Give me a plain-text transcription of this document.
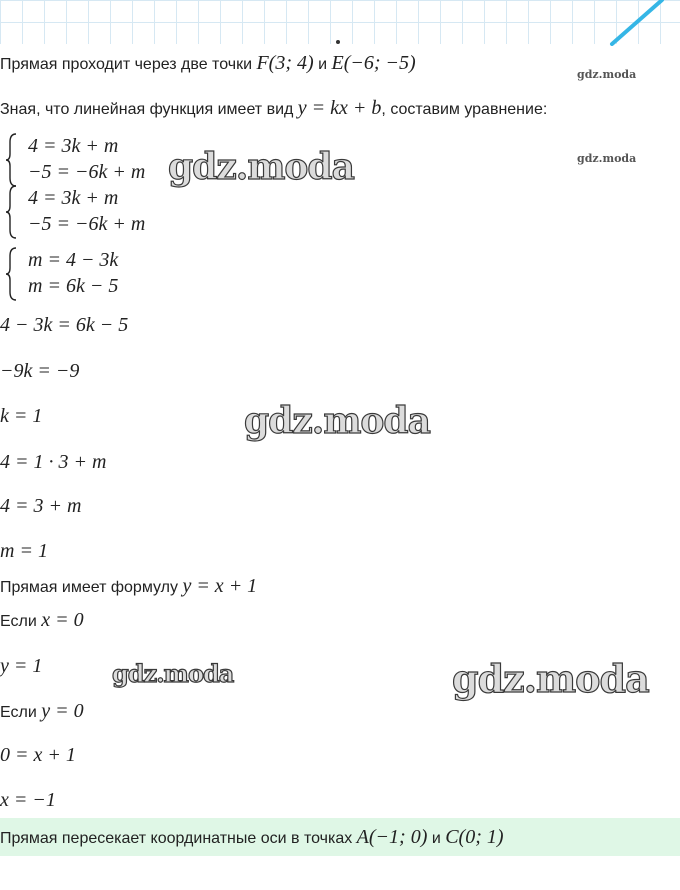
Прямая проходит через две точки F(3; 4) и E(−6; −5)
gdz.moda
Зная, что линейная функция имеет вид y = kx + b, составим уравнение:
4 = 3k + m
−5 = −6k + m
gdz.moda
4 = 3k + m
−5 = −6k + m
m = 4 − 3k
m = 6k − 5
gdz.moda
4 − 3k = 6k − 5
−9k = −9
k = 1	gdz.moda
4 = 1 · 3 + m
4 = 3 + m
m = 1
Прямая имеет формулу y = x + 1
Если x = 0
y = 1	gdz.moda	gdz.moda
Если y = 0
0 = x + 1
x = −1
Прямая пересекает координатные оси в точках A(−1; 0) и C(0; 1)
